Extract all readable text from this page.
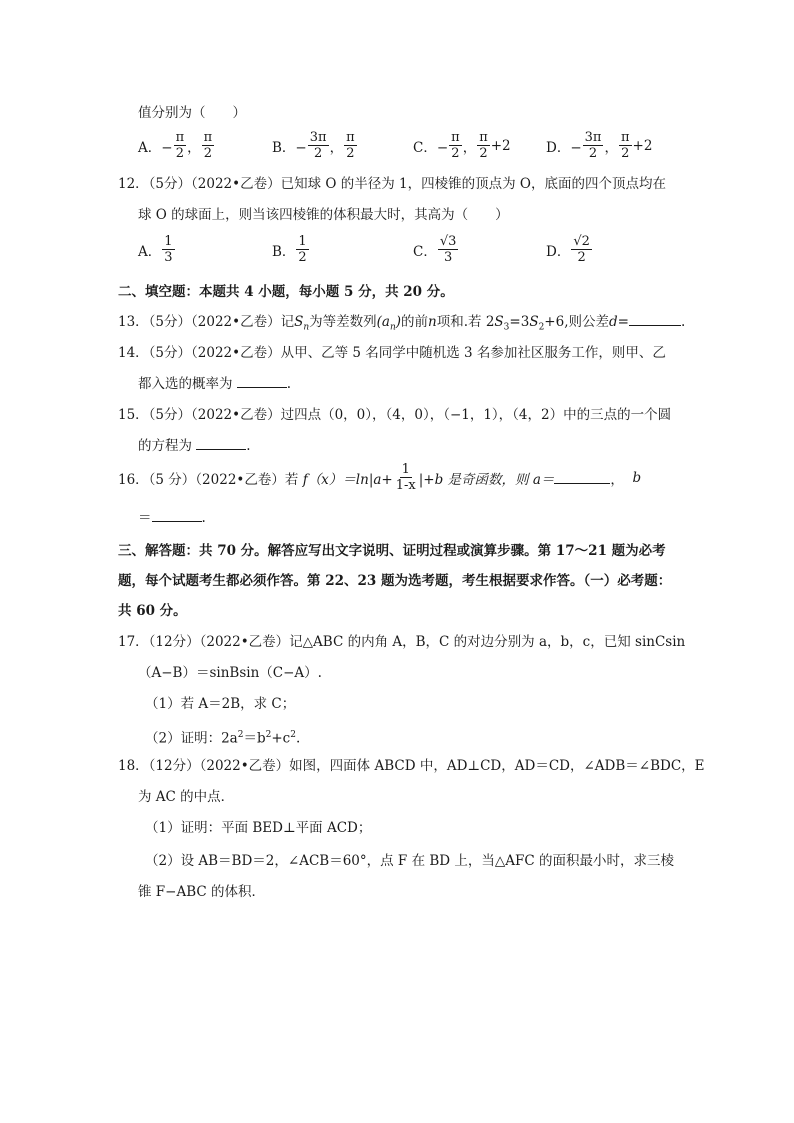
值分别为（　　）
A．− $\frac{\pi}{2}$ ， $\frac{\pi}{2}$	B．− $\frac{3\pi}{2}$ ， $\frac{\pi}{2}$	C．− $\frac{\pi}{2}$ ， $\frac{\pi}{2} +2$	D．− $\frac{3\pi}{2}$ ， $\frac{\pi}{2} +2$
12．（5分）（2022•乙卷）已知球 O 的半径为 1，四棱锥的顶点为 O，底面的四个顶点均在
球 O 的球面上，则当该四棱锥的体积最大时，其高为（　　）
A． $\frac{1}{3}$	B． $\frac{1}{2}$	C． $\frac{√3}{3}$	D． $\frac{√2}{2}$
二、填空题：本题共 4 小题，每小题 5 分，共 20 分。
13．（5分）（2022•乙卷）记$S_n$为等差数列$(a_n)$的前n项和.若 $2S_3=3S_2+6$,则公差d=	.
14．（5分）（2022•乙卷）从甲、乙等 5 名同学中随机选 3 名参加社区服务工作，则甲、乙
都入选的概率为	.
15．（5分）（2022•乙卷）过四点（0，0），（4，0），（−1，1），（4，2）中的三点的一个圆
的方程为	.
16．（5 分）（2022•乙卷）若
$f(x) =\ln|a+ \frac{1}{1-x} |+b$ 是奇函数，则
a＝	，
b
＝	.
三、解答题：共 70 分。解答应写出文字说明、证明过程或演算步骤。第 17～21 题为必考
题，每个试题考生都必须作答。第 22、23 题为选考题，考生根据要求作答。（一）必考题：
共 60 分。
17．（12分）（2022•乙卷）记△ABC 的内角 A，B，C 的对边分别为 a，b，c，已知 sinCsin
（A−B）＝sinBsin（C−A）.
（1）若 A＝2B，求 C；
（2）证明：$2a^2=b^2+c^2$.
18．（12分）（2022•乙卷）如图，四面体 ABCD 中，AD⊥CD，AD＝CD，∠ADB＝∠BDC，E
为 AC 的中点．
（1）证明：平面 BED⊥平面 ACD；
（2）设 AB＝BD＝2，∠ACB＝60°，点 F 在 BD 上，当△AFC 的面积最小时，求三棱
锥 F−ABC 的体积．
